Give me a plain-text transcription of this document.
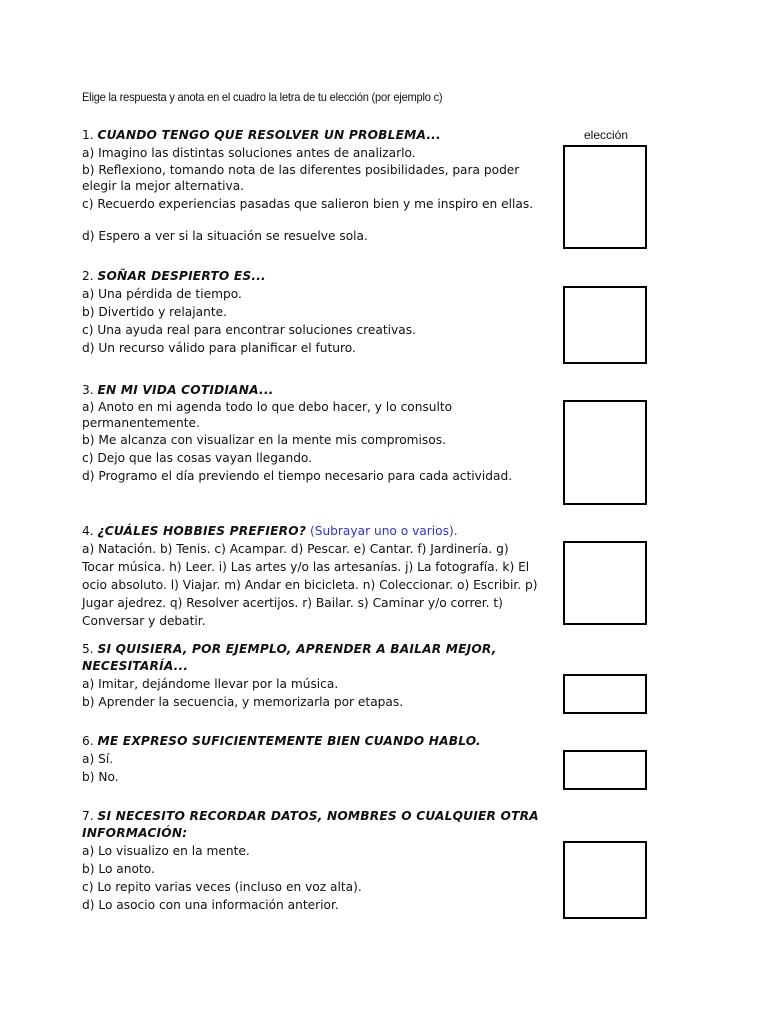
Elige la respuesta y anota en el cuadro la letra de tu elección (por ejemplo c)
elección
1. CUANDO TENGO QUE RESOLVER UN PROBLEMA...
a) Imagino las distintas soluciones antes de analizarlo.
b) Reflexiono, tomando nota de las diferentes posibilidades, para poder elegir la mejor alternativa.
c) Recuerdo experiencias pasadas que salieron bien y me inspiro en ellas.
d) Espero a ver si la situación se resuelve sola.
2. SOÑAR DESPIERTO ES...
a) Una pérdida de tiempo.
b) Divertido y relajante.
c) Una ayuda real para encontrar soluciones creativas.
d) Un recurso válido para planificar el futuro.
3. EN MI VIDA COTIDIANA...
a) Anoto en mi agenda todo lo que debo hacer, y lo consulto permanentemente.
b) Me alcanza con visualizar en la mente mis compromisos.
c) Dejo que las cosas vayan llegando.
d) Programo el día previendo el tiempo necesario para cada actividad.
4. ¿CUÁLES HOBBIES PREFIERO? (Subrayar uno o varios).
a) Natación. b) Tenis. c) Acampar. d) Pescar. e) Cantar. f) Jardinería. g) Tocar música. h) Leer. i) Las artes y/o las artesanías. j) La fotografía. k) El ocio absoluto. l) Viajar. m) Andar en bicicleta. n) Coleccionar. o) Escribir. p) Jugar ajedrez. q) Resolver acertijos. r) Bailar. s) Caminar y/o correr. t) Conversar y debatir.
5. SI QUISIERA, POR EJEMPLO, APRENDER A BAILAR MEJOR, NECESITARÍA...
a) Imitar, dejándome llevar por la música.
b) Aprender la secuencia, y memorizarla por etapas.
6. ME EXPRESO SUFICIENTEMENTE BIEN CUANDO HABLO.
a) Sí.
b) No.
7. SI NECESITO RECORDAR DATOS, NOMBRES O CUALQUIER OTRA INFORMACIÓN:
a) Lo visualizo en la mente.
b) Lo anoto.
c) Lo repito varias veces (incluso en voz alta).
d) Lo asocio con una información anterior.
